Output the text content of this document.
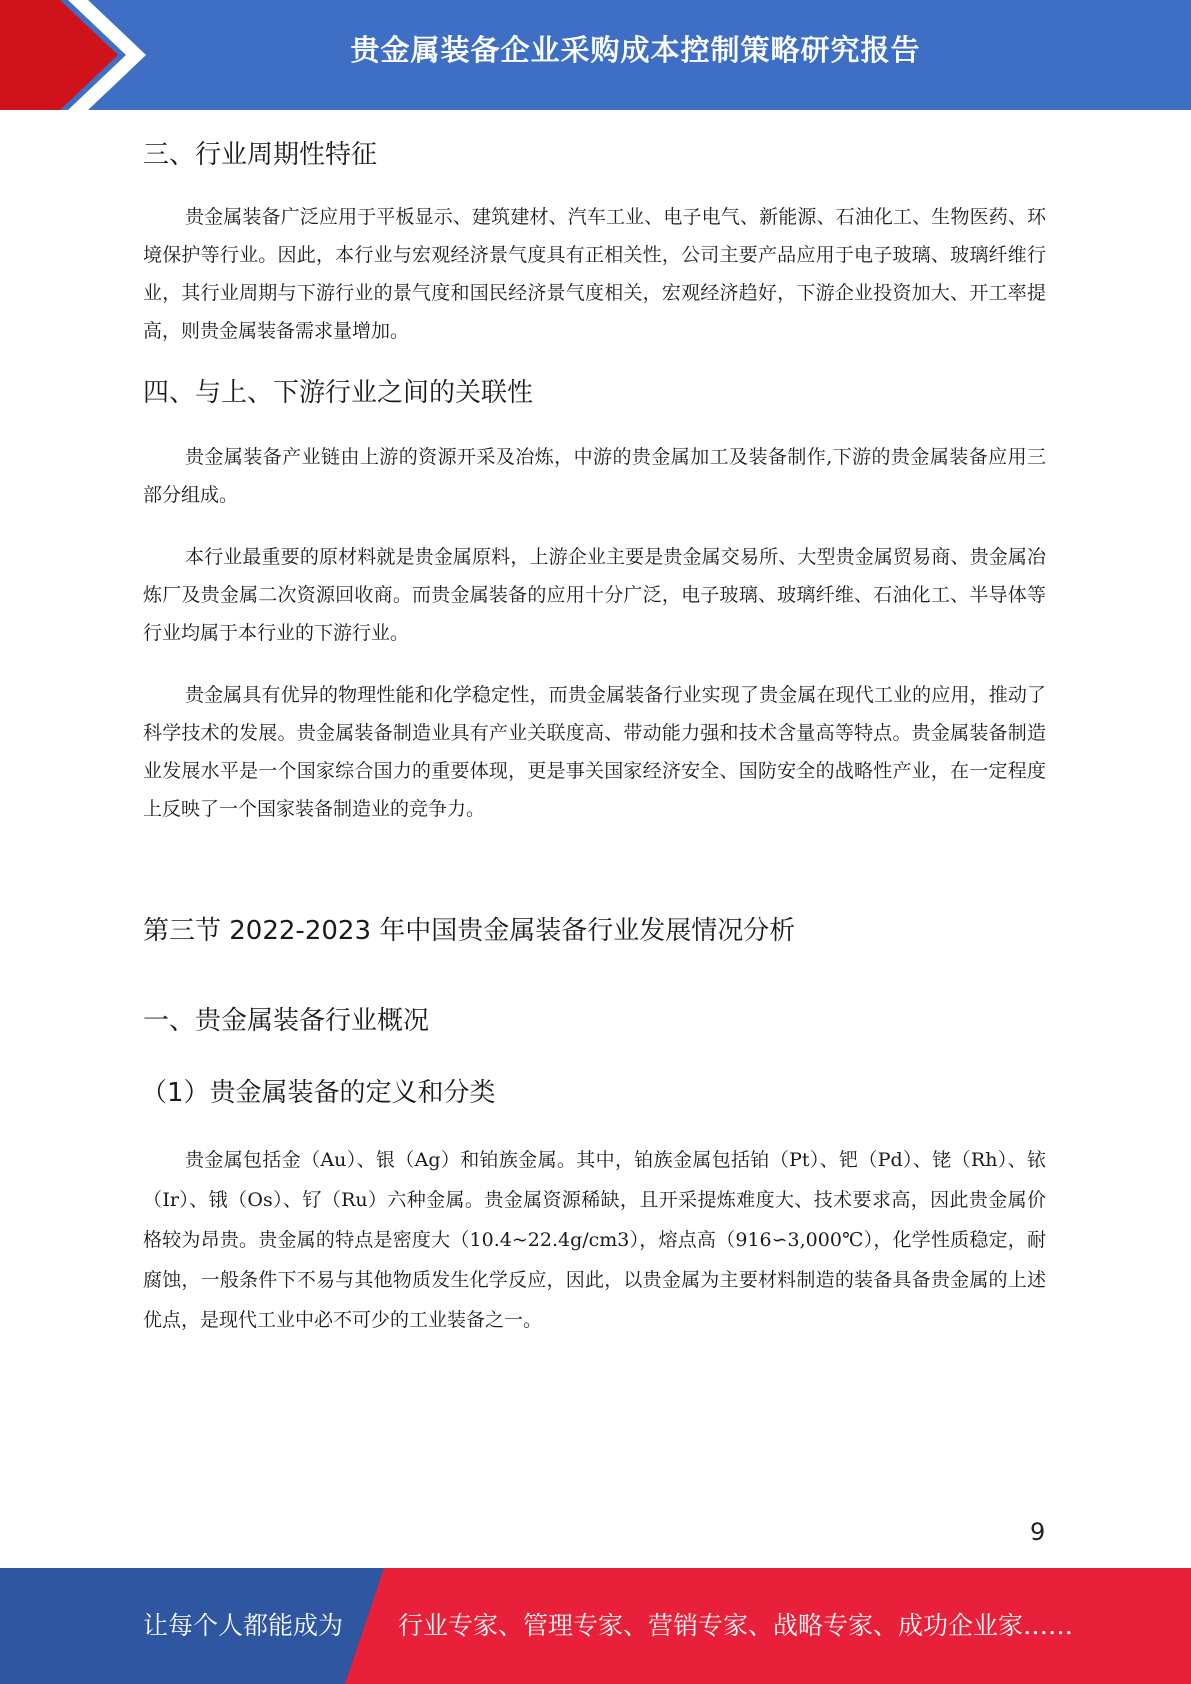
贵金属装备企业采购成本控制策略研究报告
三、行业周期性特征

贵金属装备广泛应用于平板显示、建筑建材、汽车工业、电子电气、新能源、石油化工、生物医药、环境保护等行业。因此，本行业与宏观经济景气度具有正相关性，公司主要产品应用于电子玻璃、玻璃纤维行业，其行业周期与下游行业的景气度和国民经济景气度相关，宏观经济趋好，下游企业投资加大、开工率提高，则贵金属装备需求量增加。

四、与上、下游行业之间的关联性

贵金属装备产业链由上游的资源开采及冶炼，中游的贵金属加工及装备制作,下游的贵金属装备应用三部分组成。

本行业最重要的原材料就是贵金属原料，上游企业主要是贵金属交易所、大型贵金属贸易商、贵金属冶炼厂及贵金属二次资源回收商。而贵金属装备的应用十分广泛，电子玻璃、玻璃纤维、石油化工、半导体等行业均属于本行业的下游行业。

贵金属具有优异的物理性能和化学稳定性，而贵金属装备行业实现了贵金属在现代工业的应用，推动了科学技术的发展。贵金属装备制造业具有产业关联度高、带动能力强和技术含量高等特点。贵金属装备制造业发展水平是一个国家综合国力的重要体现，更是事关国家经济安全、国防安全的战略性产业，在一定程度上反映了一个国家装备制造业的竞争力。

第三节 2022-2023 年中国贵金属装备行业发展情况分析
一、贵金属装备行业概况
（1）贵金属装备的定义和分类

贵金属包括金（Au）、银（Ag）和铂族金属。其中，铂族金属包括铂（Pt）、钯（Pd）、铑（Rh）、铱（Ir）、锇（Os）、钌（Ru）六种金属。贵金属资源稀缺，且开采提炼难度大、技术要求高，因此贵金属价格较为昂贵。贵金属的特点是密度大（10.4~22.4g/cm3），熔点高（916∽3,000℃），化学性质稳定，耐腐蚀，一般条件下不易与其他物质发生化学反应，因此，以贵金属为主要材料制造的装备具备贵金属的上述优点，是现代工业中必不可少的工业装备之一。

9
让每个人都能成为 行业专家、管理专家、营销专家、战略专家、成功企业家……
